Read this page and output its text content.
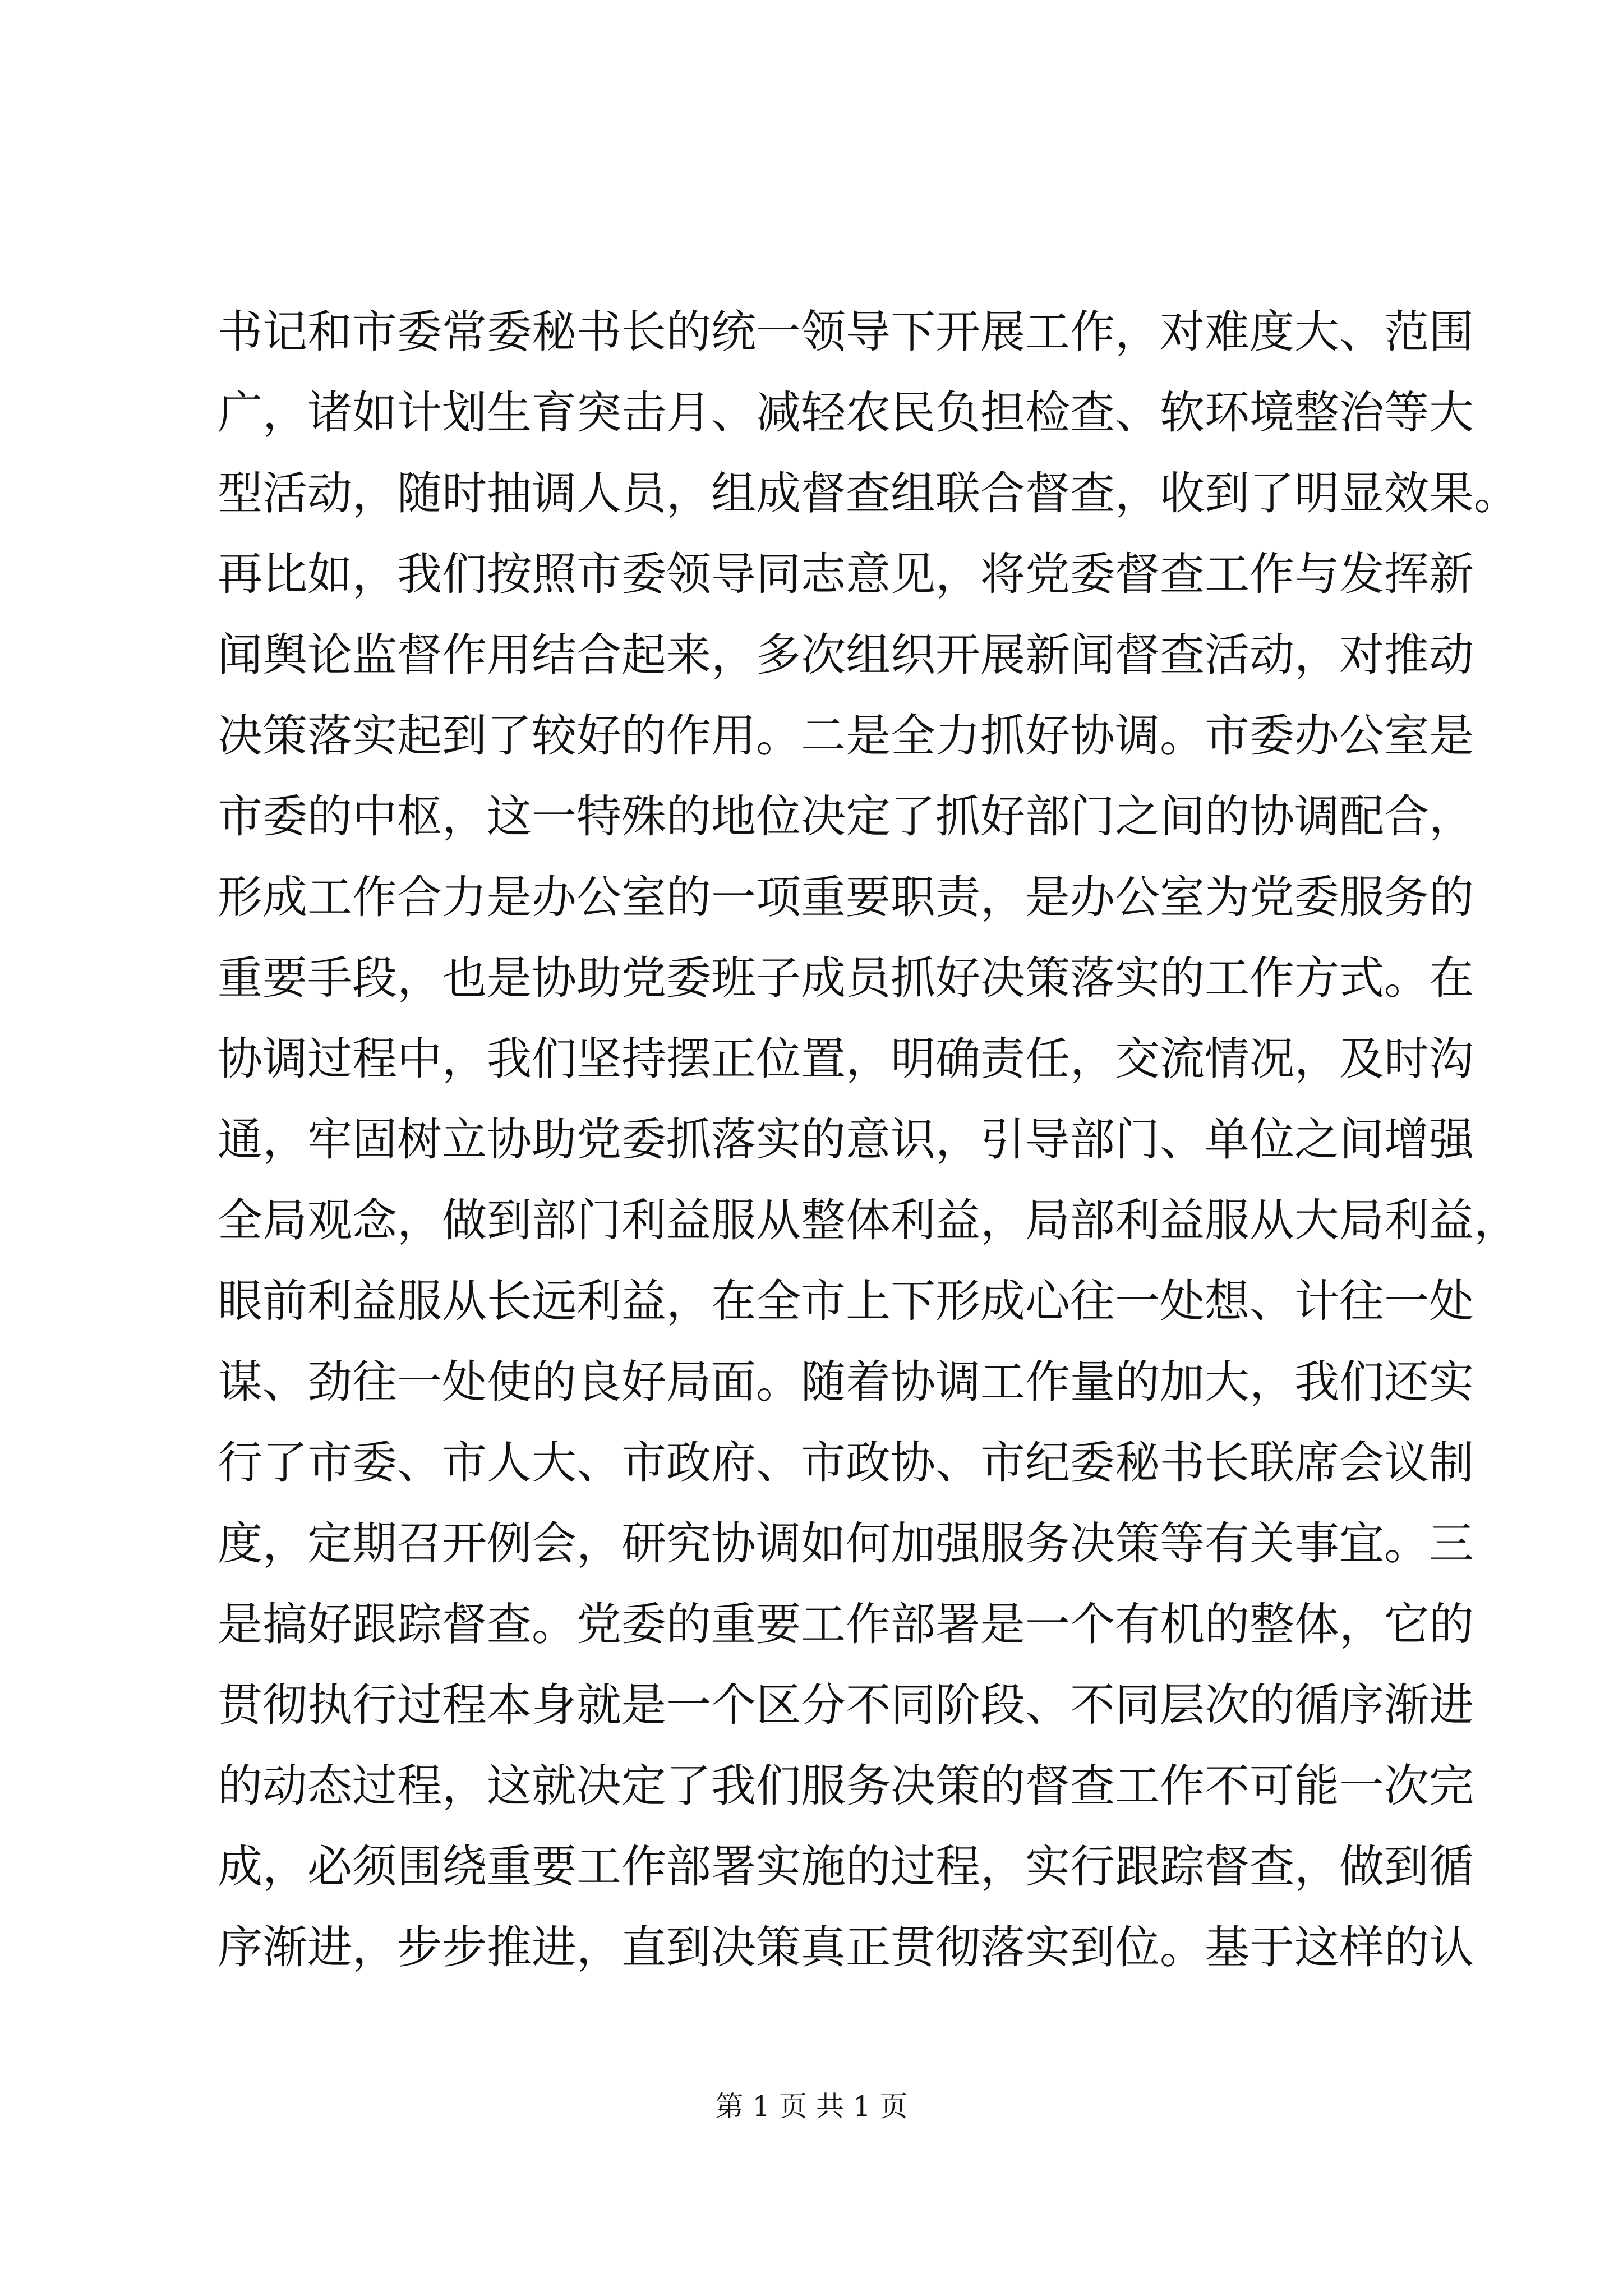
书记和市委常委秘书长的统一领导下开展工作，对难度大、范围
广，诸如计划生育突击月、减轻农民负担检查、软环境整治等大
型活动，随时抽调人员，组成督查组联合督查，收到了明显效果。
再比如，我们按照市委领导同志意见，将党委督查工作与发挥新
闻舆论监督作用结合起来，多次组织开展新闻督查活动，对推动
决策落实起到了较好的作用。二是全力抓好协调。市委办公室是
市委的中枢，这一特殊的地位决定了抓好部门之间的协调配合，
形成工作合力是办公室的一项重要职责，是办公室为党委服务的
重要手段，也是协助党委班子成员抓好决策落实的工作方式。在
协调过程中，我们坚持摆正位置，明确责任，交流情况，及时沟
通，牢固树立协助党委抓落实的意识，引导部门、单位之间增强
全局观念，做到部门利益服从整体利益，局部利益服从大局利益，
眼前利益服从长远利益，在全市上下形成心往一处想、计往一处
谋、劲往一处使的良好局面。随着协调工作量的加大，我们还实
行了市委、市人大、市政府、市政协、市纪委秘书长联席会议制
度，定期召开例会，研究协调如何加强服务决策等有关事宜。三
是搞好跟踪督查。党委的重要工作部署是一个有机的整体，它的
贯彻执行过程本身就是一个区分不同阶段、不同层次的循序渐进
的动态过程，这就决定了我们服务决策的督查工作不可能一次完
成，必须围绕重要工作部署实施的过程，实行跟踪督查，做到循
序渐进，步步推进，直到决策真正贯彻落实到位。基于这样的认
第 1 页 共 1 页
